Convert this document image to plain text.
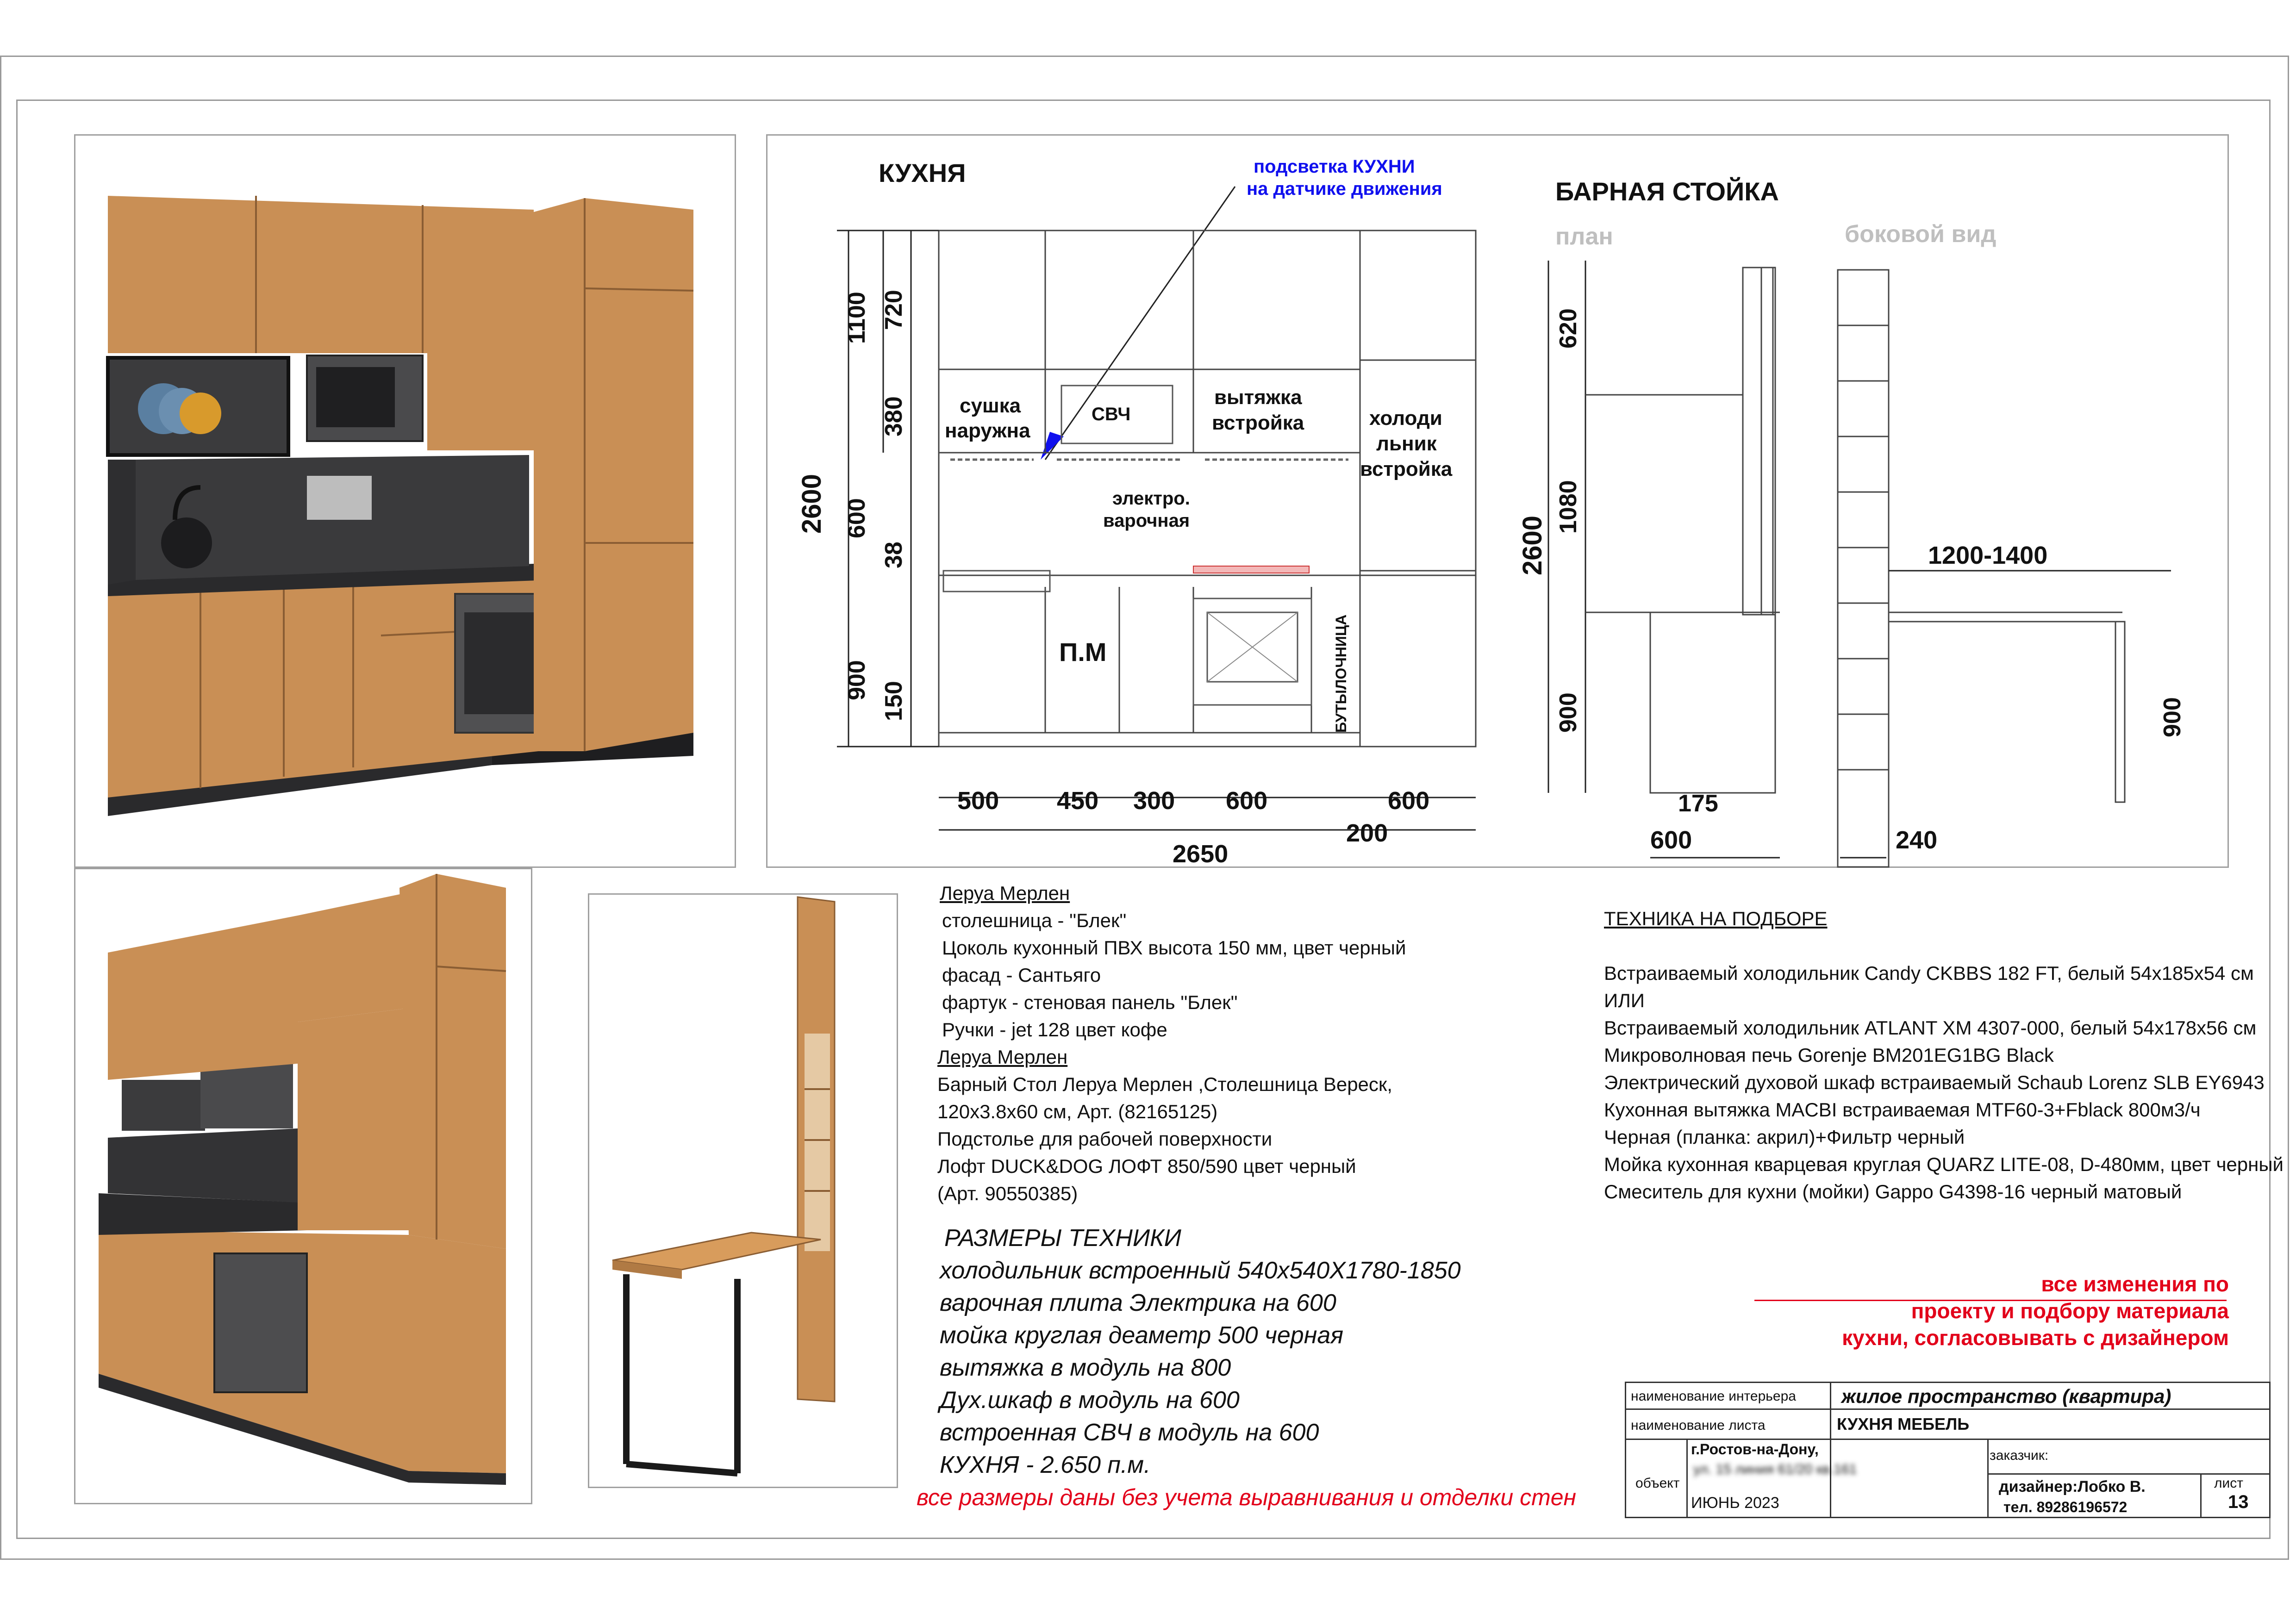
КУХНЯ	подсветка КУХНИ
на датчике движения
сушка
наружна
СВЧ
вытяжка
встройка	холоди
льник
встройка
электро.
варочная
П.М	БУТЫЛОЧНИЦА
1100 720
380
2600 600
38
900
150
500 450 300 600	600
200
2650
БАРНАЯ СТОЙКА
план	боковой вид
620
2600
1080
900
1200-1400
900
175
600	240
Леруа Мерлен
столешница - "Блек"
Цоколь кухонный ПВХ высота 150 мм, цвет черный
фасад - Сантьяго
фартук - стеновая панель "Блек"
Ручки - jet 128 цвет кофе
Леруа Мерлен
Барный Стол Леруа Мерлен ,Столешница Вереск,
120x3.8x60 см, Арт. (82165125)
Подстолье для рабочей поверхности
Лофт DUCK&DOG ЛОФТ 850/590 цвет черный
(Арт. 90550385)
РАЗМЕРЫ ТЕХНИКИ
холодильник встроенный 540x540X1780-1850
варочная плита Электрика на 600
мойка круглая деаметр 500 черная
вытяжка в модуль на 800
Дух.шкаф в модуль на 600
встроенная СВЧ в модуль на 600
КУХНЯ - 2.650 п.м.
все размеры даны без учета выравнивания и отделки стен
ТЕХНИКА НА ПОДБОРЕ
Встраиваемый холодильник Candy CKBBS 182 FT, белый 54x185x54 см
ИЛИ
Встраиваемый холодильник ATLANT XM 4307-000, белый 54x178x56 см
Микроволновая печь Gorenje BM201EG1BG Black
Электрический духовой шкаф встраиваемый Schaub Lorenz SLB EY6943
Кухонная вытяжка MACBI встраиваемая MTF60-3+Fblack 800м3/ч
Черная (планка: акрил)+Фильтр черный
Мойка кухонная кварцевая круглая QUARZ LITE-08, D-480мм, цвет черный
Смеситель для кухни (мойки) Gappo G4398-16 черный матовый
все изменения по
проекту и подбору материала
кухни, согласовывать с дизайнером
наименование интерьера жилое пространство (квартира)
наименование листа	КУХНЯ МЕБЕЛЬ
объект
г.Ростов-на-Дону,
ул. 15 линия 61/20 кв.161
ИЮНЬ 2023
заказчик:
дизайнер:Лобко В.
тел. 89286196572
лист
13
